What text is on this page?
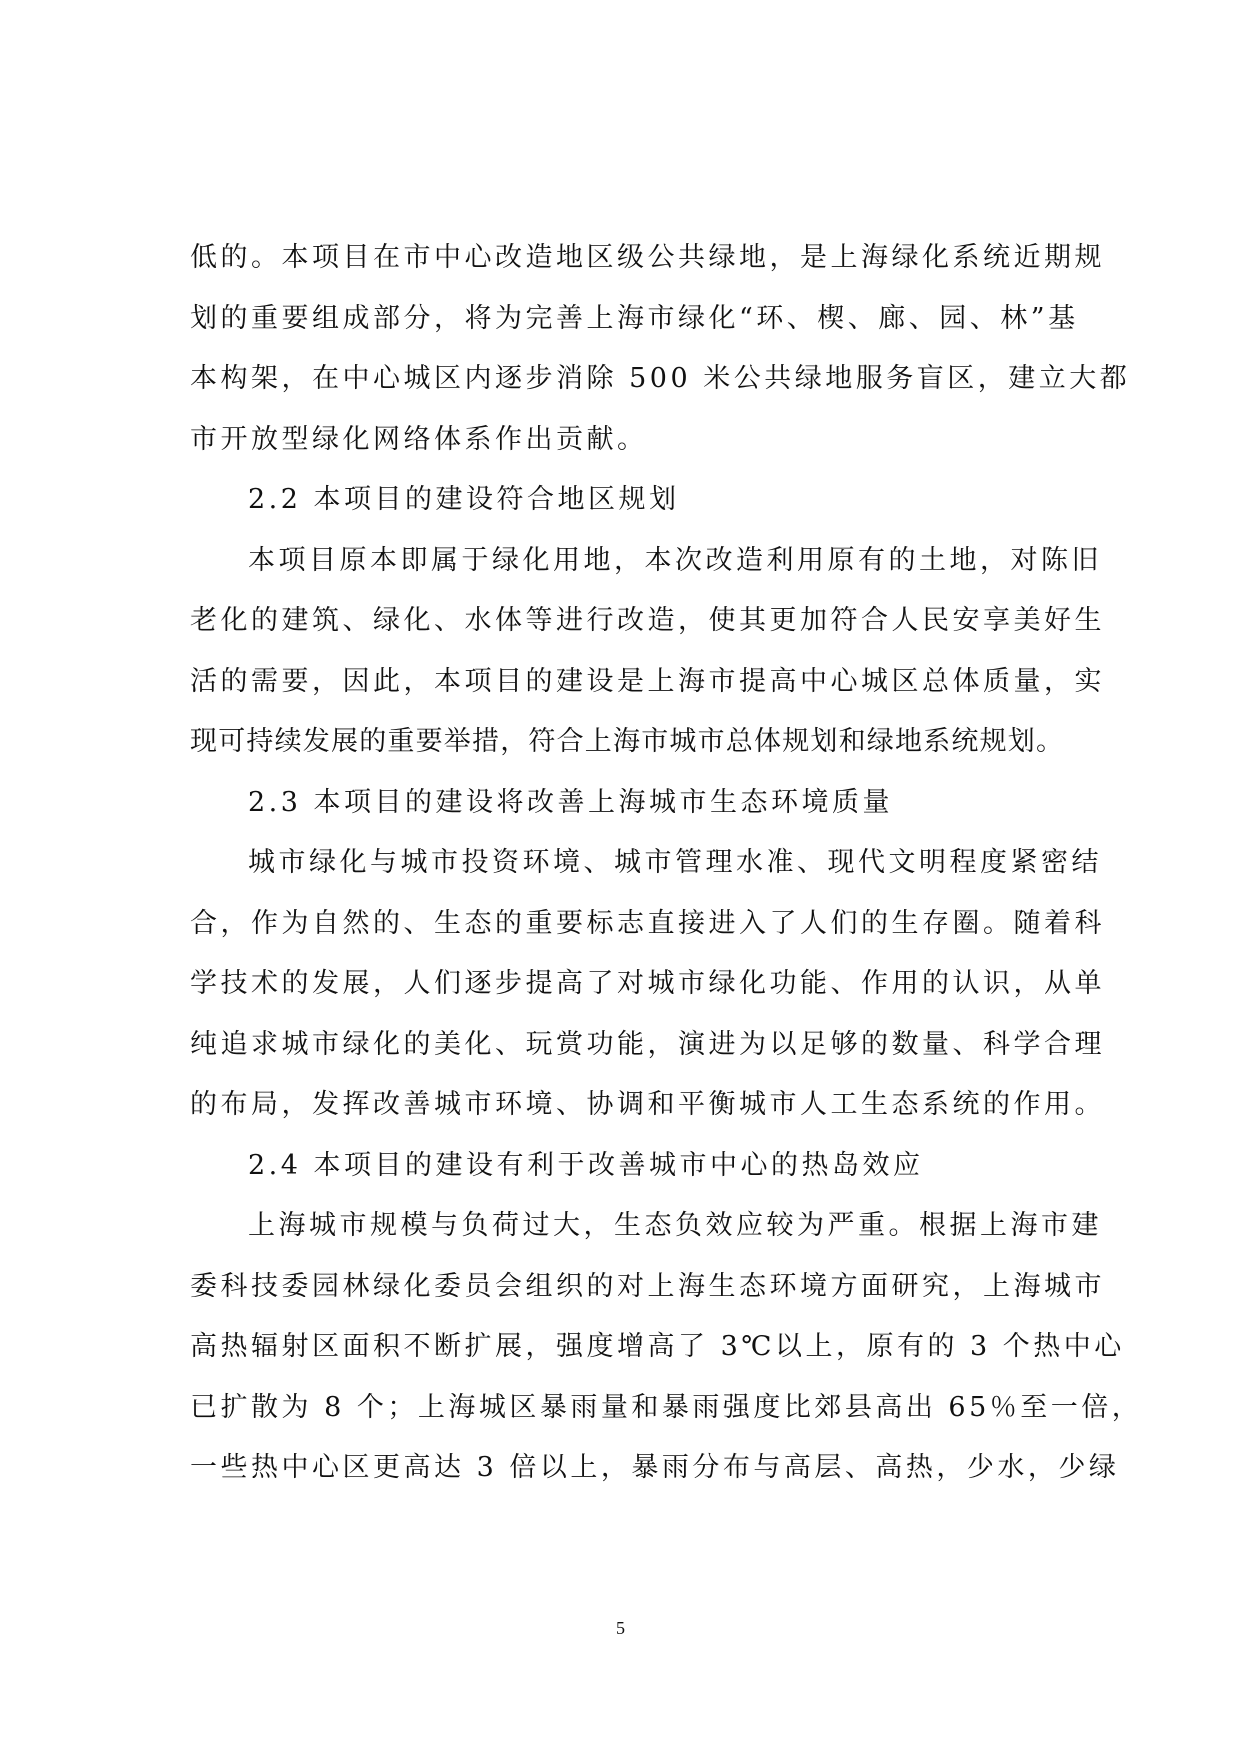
低的。本项目在市中心改造地区级公共绿地，是上海绿化系统近期规
划的重要组成部分，将为完善上海市绿化“环、楔、廊、园、林”基
本构架，在中心城区内逐步消除 500 米公共绿地服务盲区，建立大都
市开放型绿化网络体系作出贡献。
2.2 本项目的建设符合地区规划
本项目原本即属于绿化用地，本次改造利用原有的土地，对陈旧
老化的建筑、绿化、水体等进行改造，使其更加符合人民安享美好生
活的需要，因此，本项目的建设是上海市提高中心城区总体质量，实
现可持续发展的重要举措，符合上海市城市总体规划和绿地系统规划。
2.3 本项目的建设将改善上海城市生态环境质量
城市绿化与城市投资环境、城市管理水准、现代文明程度紧密结
合，作为自然的、生态的重要标志直接进入了人们的生存圈。随着科
学技术的发展，人们逐步提高了对城市绿化功能、作用的认识，从单
纯追求城市绿化的美化、玩赏功能，演进为以足够的数量、科学合理
的布局，发挥改善城市环境、协调和平衡城市人工生态系统的作用。
2.4 本项目的建设有利于改善城市中心的热岛效应
上海城市规模与负荷过大，生态负效应较为严重。根据上海市建
委科技委园林绿化委员会组织的对上海生态环境方面研究，上海城市
高热辐射区面积不断扩展，强度增高了 3℃以上，原有的 3 个热中心
已扩散为 8 个；上海城区暴雨量和暴雨强度比郊县高出 65％至一倍，
一些热中心区更高达 3 倍以上，暴雨分布与高层、高热，少水，少绿
5
